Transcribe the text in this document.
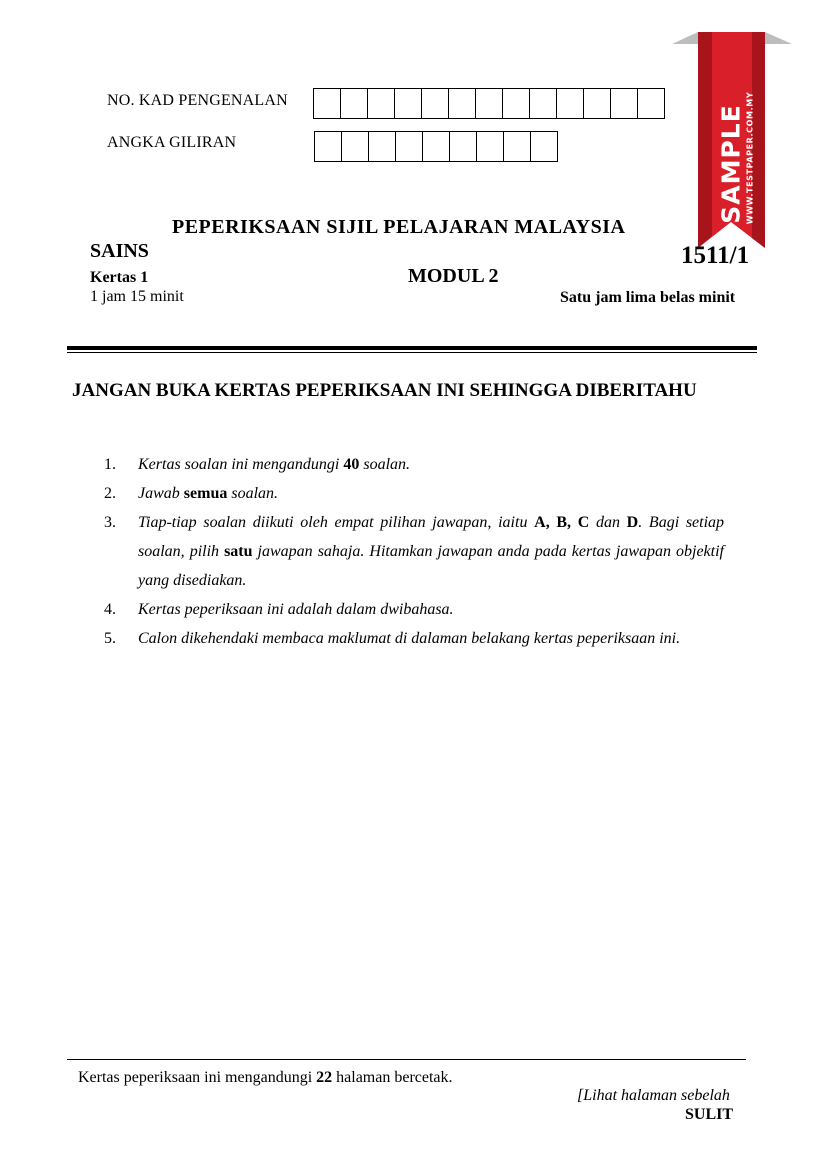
NO. KAD PENGENALAN
ANGKA GILIRAN	SAMPLE WWW.TESTPAPER.COM.MY
PEPERIKSAAN SIJIL PELAJARAN MALAYSIA
SAINS	1511/1
Kertas 1	MODUL 2
1 jam 15 minit	Satu jam lima belas minit
JANGAN BUKA KERTAS PEPERIKSAAN INI SEHINGGA DIBERITAHU
1. Kertas soalan ini mengandungi 40 soalan.
2. Jawab semua soalan.
3. Tiap-tiap soalan diikuti oleh empat pilihan jawapan, iaitu A, B, C dan D. Bagi setiap soalan, pilih satu jawapan sahaja. Hitamkan jawapan anda pada kertas jawapan objektif yang disediakan.
4. Kertas peperiksaan ini adalah dalam dwibahasa.
5. Calon dikehendaki membaca maklumat di dalaman belakang kertas peperiksaan ini.
Kertas peperiksaan ini mengandungi 22 halaman bercetak.
[Lihat halaman sebelah
SULIT
